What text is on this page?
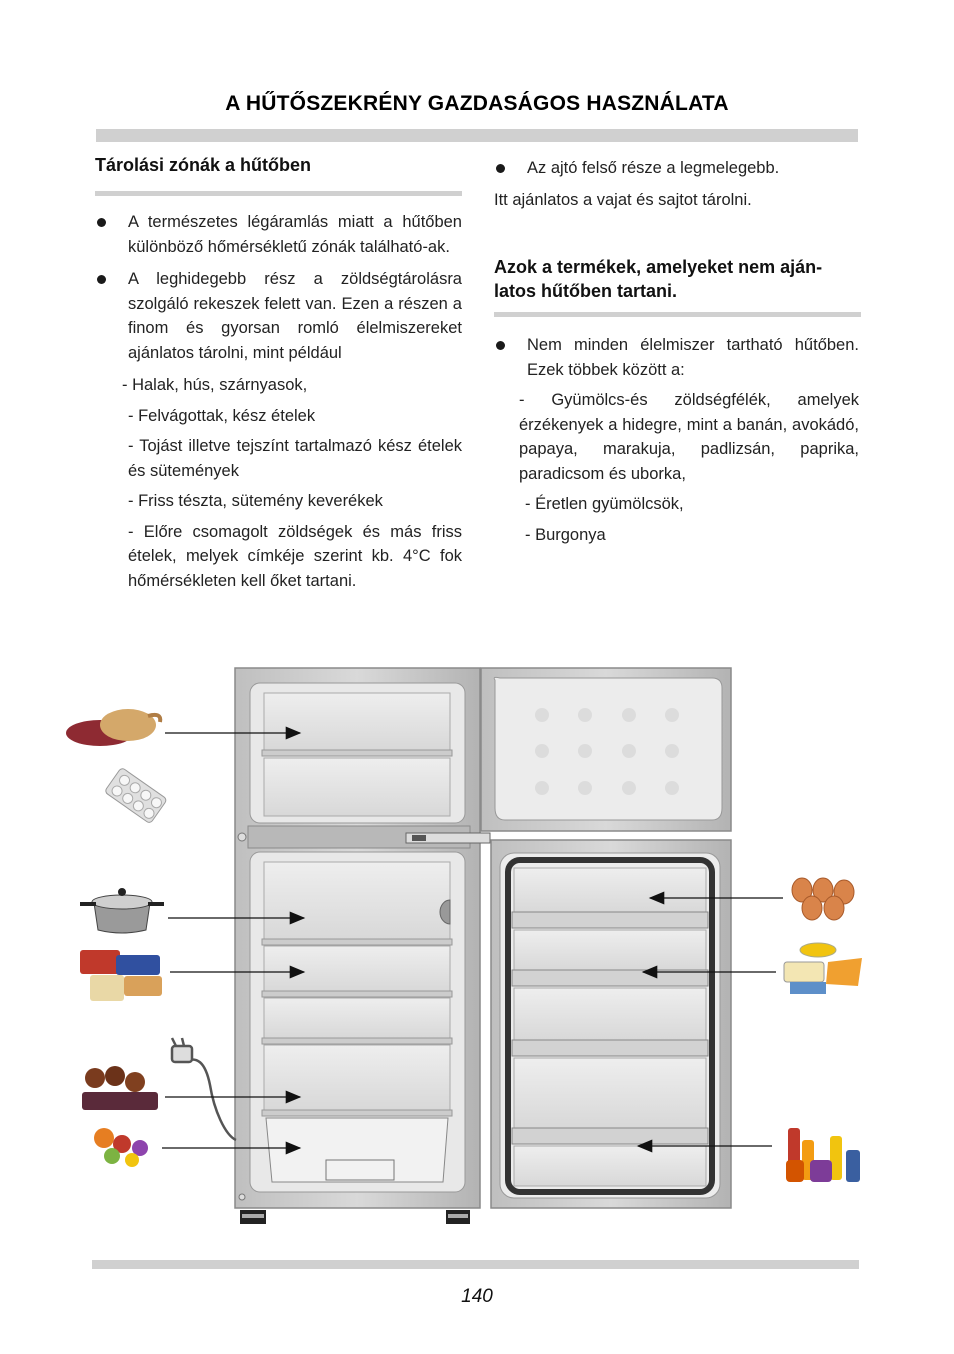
A HŰTŐSZEKRÉNY GAZDASÁGOS HASZNÁLATA
Tárolási zónák a hűtőben
A természetes légáramlás miatt a hűtőben különböző hőmérsékletű zónák található-ak.
A leghidegebb rész a zöldségtárolásra szolgáló rekeszek felett van. Ezen a részen a finom és gyorsan romló élelmiszereket ajánlatos tárolni, mint például
- Halak, hús, szárnyasok,
- Felvágottak, kész ételek
- Tojást illetve tejszínt tartalmazó kész ételek és sütemények
- Friss tészta, sütemény keverékek
- Előre csomagolt zöldségek és más friss ételek, melyek címkéje szerint kb. 4°C fok hőmérsékleten kell őket tartani.
Az ajtó felső része a legmelegebb.
Itt ajánlatos a vajat és sajtot tárolni.
Azok a termékek, amelyeket nem aján-latos hűtőben tartani.
Nem minden élelmiszer tartható hűtőben. Ezek többek között a:
- Gyümölcs-és zöldségfélék, amelyek érzékenyek a hidegre, mint a banán, avokádó, papaya, marakuja, padlizsán, paprika, paradicsom és uborka,
- Éretlen gyümölcsök,
- Burgonya
140
